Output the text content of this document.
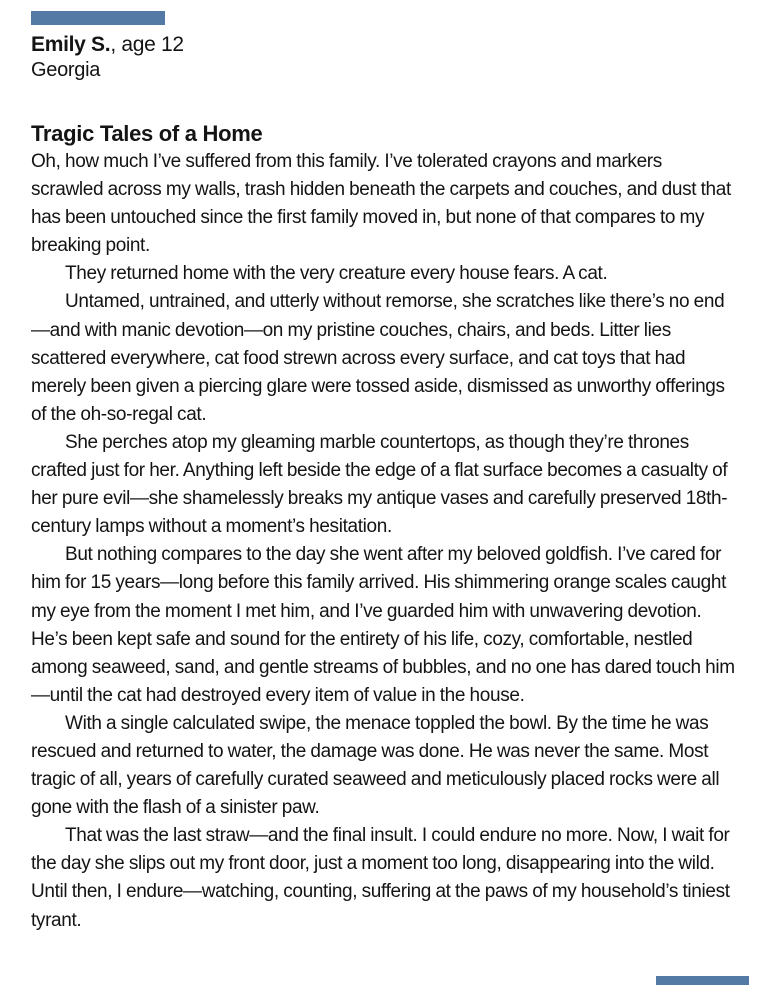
Emily S., age 12
Georgia
Tragic Tales of a Home

Oh, how much I’ve suffered from this family. I’ve tolerated crayons and markers scrawled across my walls, trash hidden beneath the carpets and couches, and dust that has been untouched since the first family moved in, but none of that compares to my breaking point.

They returned home with the very creature every house fears. A cat.

Untamed, untrained, and utterly without remorse, she scratches like there’s no end—and with manic devotion—on my pristine couches, chairs, and beds. Litter lies scattered everywhere, cat food strewn across every surface, and cat toys that had merely been given a piercing glare were tossed aside, dismissed as unworthy offerings of the oh-so-regal cat.

She perches atop my gleaming marble countertops, as though they’re thrones crafted just for her. Anything left beside the edge of a flat surface becomes a casualty of her pure evil—she shamelessly breaks my antique vases and carefully preserved 18th-century lamps without a moment’s hesitation.

But nothing compares to the day she went after my beloved goldfish. I’ve cared for him for 15 years—long before this family arrived. His shimmering orange scales caught my eye from the moment I met him, and I’ve guarded him with unwavering devotion. He’s been kept safe and sound for the entirety of his life, cozy, comfortable, nestled among seaweed, sand, and gentle streams of bubbles, and no one has dared touch him—until the cat had destroyed every item of value in the house.

With a single calculated swipe, the menace toppled the bowl. By the time he was rescued and returned to water, the damage was done. He was never the same. Most tragic of all, years of carefully curated seaweed and meticulously placed rocks were all gone with the flash of a sinister paw.

That was the last straw—and the final insult. I could endure no more. Now, I wait for the day she slips out my front door, just a moment too long, disappearing into the wild. Until then, I endure—watching, counting, suffering at the paws of my household’s tiniest tyrant.
